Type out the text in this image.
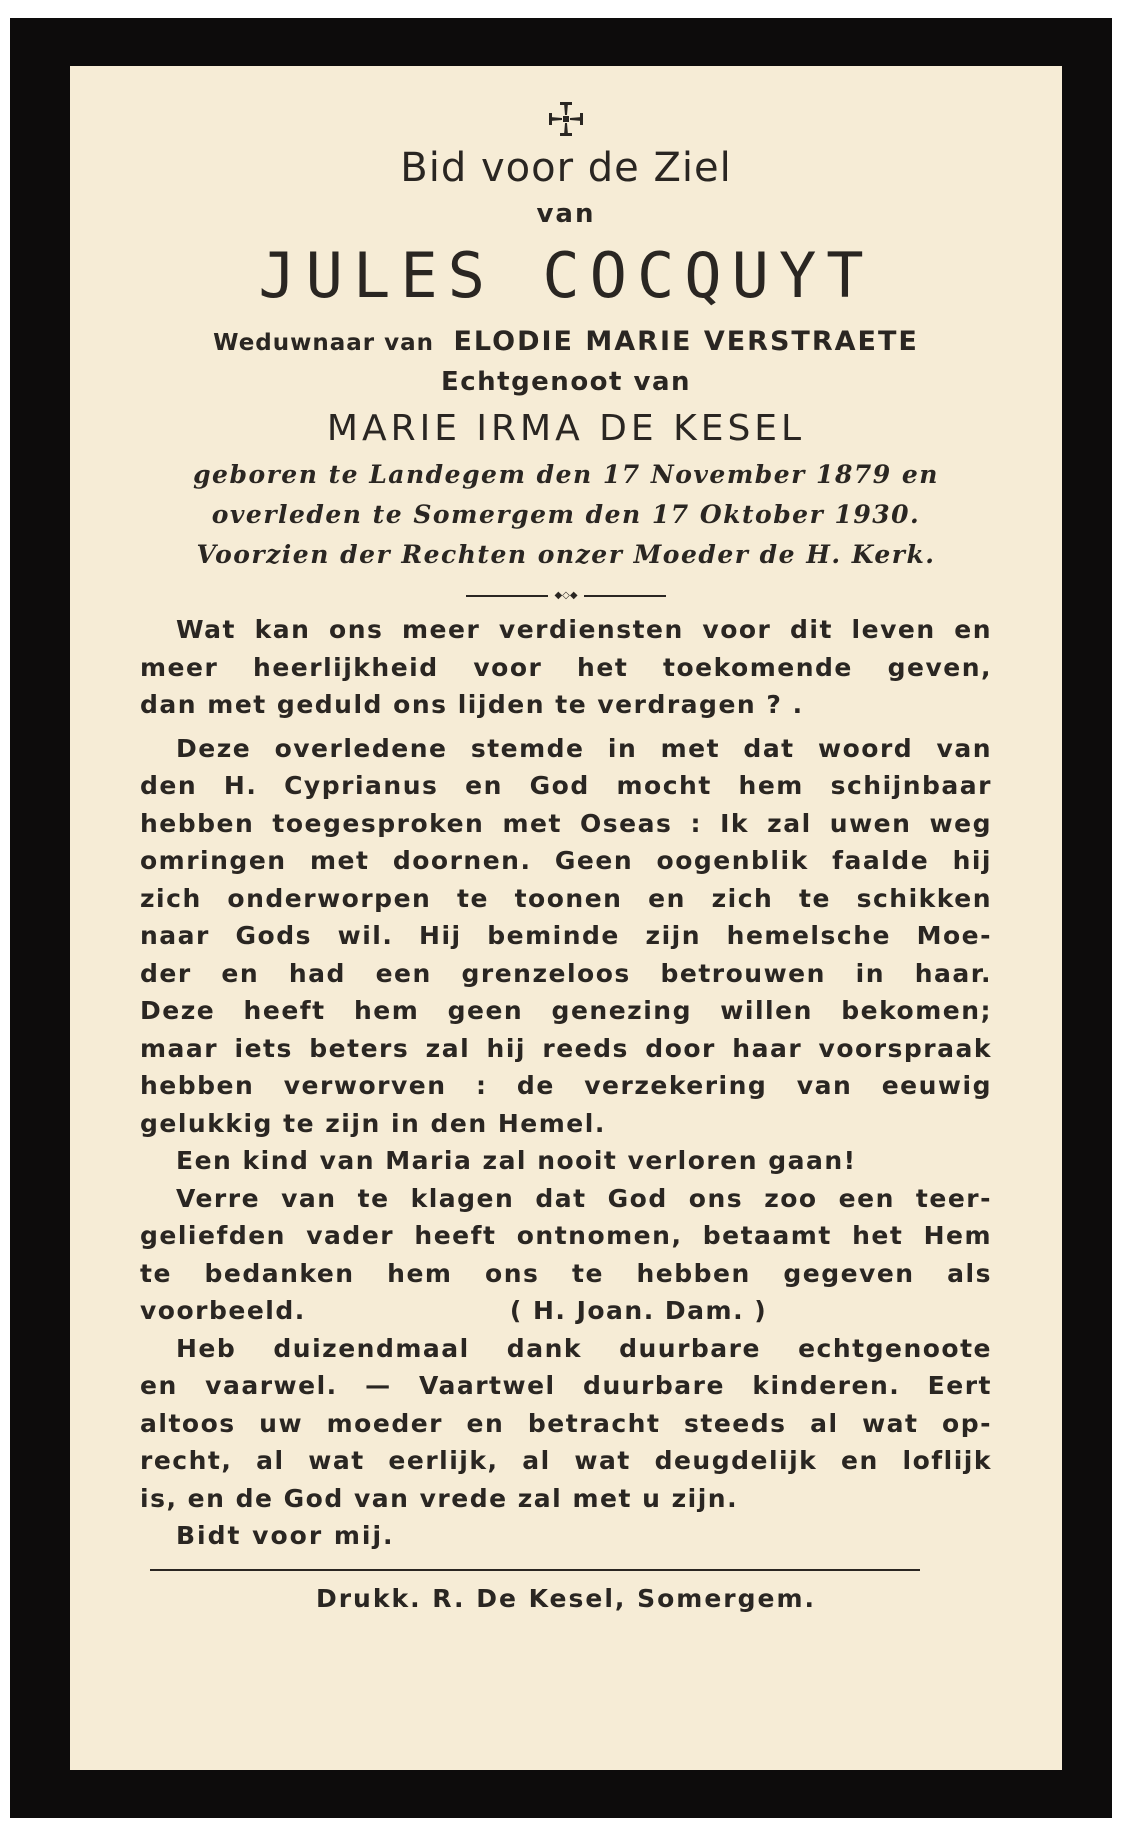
Bid voor de Ziel
van
JULES COCQUYT
Weduwnaar van ELODIE MARIE VERSTRAETE
Echtgenoot van
MARIE IRMA DE KESEL
geboren te Landegem den 17 November 1879 en
overleden te Somergem den 17 Oktober 1930.
Voorzien der Rechten onzer Moeder de H. Kerk.
◆◇◆
Wat kan ons meer verdiensten voor dit leven en
meer heerlijkheid voor het toekomende geven,
dan met geduld ons lijden te verdragen ? .
Deze overledene stemde in met dat woord van
den H. Cyprianus en God mocht hem schijnbaar
hebben toegesproken met Oseas : Ik zal uwen weg
omringen met doornen. Geen oogenblik faalde hij
zich onderworpen te toonen en zich te schikken
naar Gods wil. Hij beminde zijn hemelsche Moe-
der en had een grenzeloos betrouwen in haar.
Deze heeft hem geen genezing willen bekomen;
maar iets beters zal hij reeds door haar voorspraak
hebben verworven : de verzekering van eeuwig
gelukkig te zijn in den Hemel.
Een kind van Maria zal nooit verloren gaan!
Verre van te klagen dat God ons zoo een teer-
geliefden vader heeft ontnomen, betaamt het Hem
te bedanken hem ons te hebben gegeven als
voorbeeld.                    ( H. Joan. Dam. )
Heb duizendmaal dank duurbare echtgenoote
en vaarwel. — Vaartwel duurbare kinderen. Eert
altoos uw moeder en betracht steeds al wat op-
recht, al wat eerlijk, al wat deugdelijk en loflijk
is, en de God van vrede zal met u zijn.
Bidt voor mij.
Drukk. R. De Kesel, Somergem.
